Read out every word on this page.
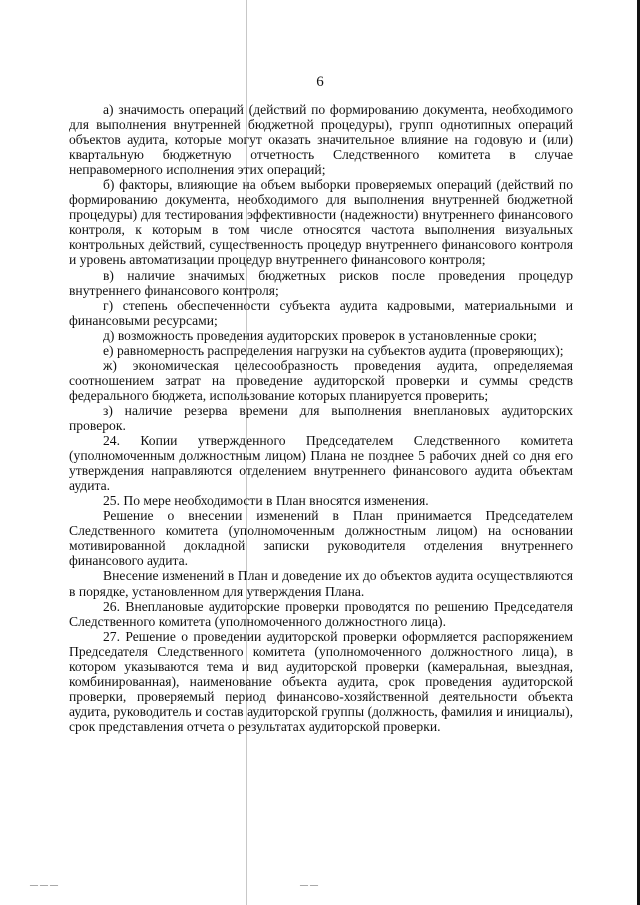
6

а) значимость операций (действий по формированию документа, необходимого для выполнения внутренней бюджетной процедуры), групп однотипных операций объектов аудита, которые могут оказать значительное влияние на годовую и (или) квартальную бюджетную отчетность Следственного комитета в случае неправомерного исполнения этих операций;

б) факторы, влияющие на объем выборки проверяемых операций (действий по формированию документа, необходимого для выполнения внутренней бюджетной процедуры) для тестирования эффективности (надежности) внутреннего финансового контроля, к которым в том числе относятся частота выполнения визуальных контрольных действий, существенность процедур внутреннего финансового контроля и уровень автоматизации процедур внутреннего финансового контроля;

в) наличие значимых бюджетных рисков после проведения процедур внутреннего финансового контроля;

г) степень обеспеченности субъекта аудита кадровыми, материальными и финансовыми ресурсами;

д) возможность проведения аудиторских проверок в установленные сроки;

е) равномерность распределения нагрузки на субъектов аудита (проверяющих);

ж) экономическая целесообразность проведения аудита, определяемая соотношением затрат на проведение аудиторской проверки и суммы средств федерального бюджета, использование которых планируется проверить;

з) наличие резерва времени для выполнения внеплановых аудиторских проверок.

24. Копии утвержденного Председателем Следственного комитета (уполномоченным должностным лицом) Плана не позднее 5 рабочих дней со дня его утверждения направляются отделением внутреннего финансового аудита объектам аудита.

25. По мере необходимости в План вносятся изменения.

Решение о внесении изменений в План принимается Председателем Следственного комитета (уполномоченным должностным лицом) на основании мотивированной докладной записки руководителя отделения внутреннего финансового аудита.

Внесение изменений в План и доведение их до объектов аудита осуществляются в порядке, установленном для утверждения Плана.

26. Внеплановые аудиторские проверки проводятся по решению Председателя Следственного комитета (уполномоченного должностного лица).

27. Решение о проведении аудиторской проверки оформляется распоряжением Председателя Следственного комитета (уполномоченного должностного лица), в котором указываются тема и вид аудиторской проверки (камеральная, выездная, комбинированная), наименование объекта аудита, срок проведения аудиторской проверки, проверяемый период финансово-хозяйственной деятельности объекта аудита, руководитель и состав аудиторской группы (должность, фамилия и инициалы), срок представления отчета о результатах аудиторской проверки.

— — —	— —
